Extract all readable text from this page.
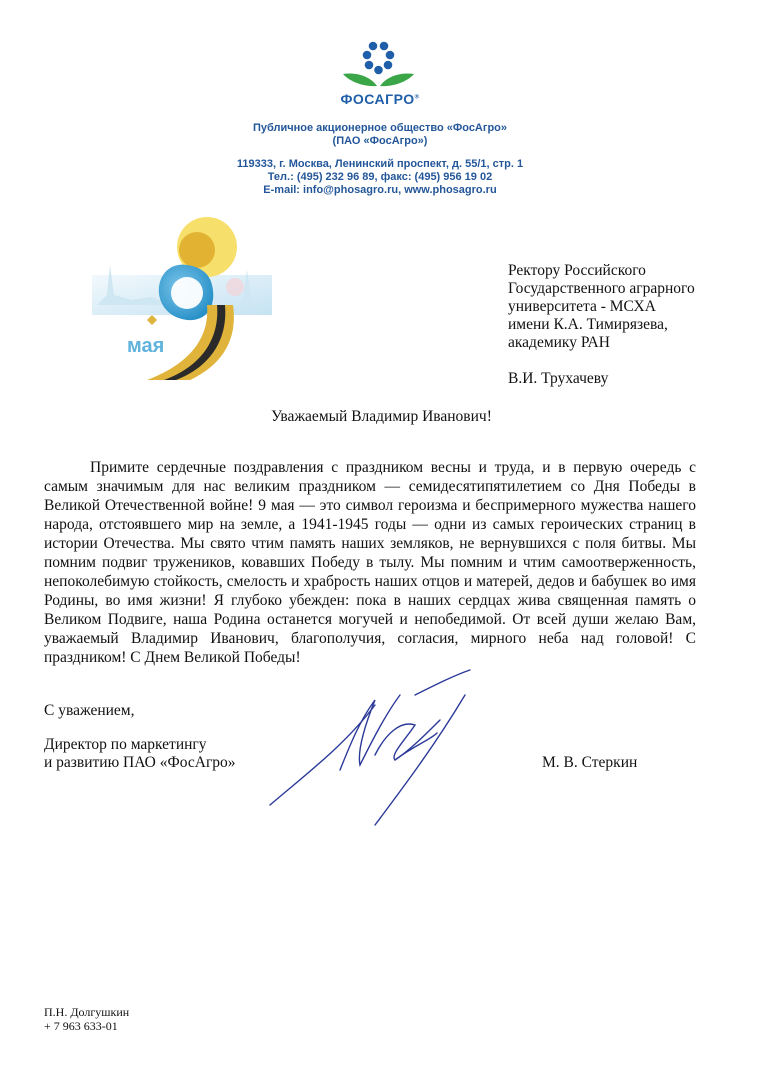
ФОСАГРО®
Публичное акционерное общество «ФосАгро»
(ПАО «ФосАгро»)
119333, г. Москва, Ленинский проспект, д. 55/1, стр. 1
Тел.: (495) 232 96 89, факс: (495) 956 19 02
E-mail: info@phosagro.ru, www.phosagro.ru
мая
Ректору Российского
Государственного аграрного
университета - МСХА
имени К.А. Тимирязева,
академику РАН
В.И. Трухачеву
Уважаемый Владимир Иванович!
Примите сердечные поздравления с праздником весны и труда, и в первую очередь с самым значимым для нас великим праздником — семидесятипятилетием со Дня Победы в Великой Отечественной войне! 9 мая — это символ героизма и беспримерного мужества нашего народа, отстоявшего мир на земле, а 1941-1945 годы — одни из самых героических страниц в истории Отечества. Мы свято чтим память наших земляков, не вернувшихся с поля битвы. Мы помним подвиг тружеников, ковавших Победу в тылу. Мы помним и чтим самоотверженность, непоколебимую стойкость, смелость и храбрость наших отцов и матерей, дедов и бабушек во имя Родины, во имя жизни! Я глубоко убежден: пока в наших сердцах жива священная память о Великом Подвиге, наша Родина останется могучей и непобедимой. От всей души желаю Вам, уважаемый Владимир Иванович, благополучия, согласия, мирного неба над головой! С праздником! С Днем Великой Победы!
С уважением,
Директор по маркетингу
и развитию ПАО «ФосАгро»	М. В. Стеркин
П.Н. Долгушкин
+ 7 963 633-01
